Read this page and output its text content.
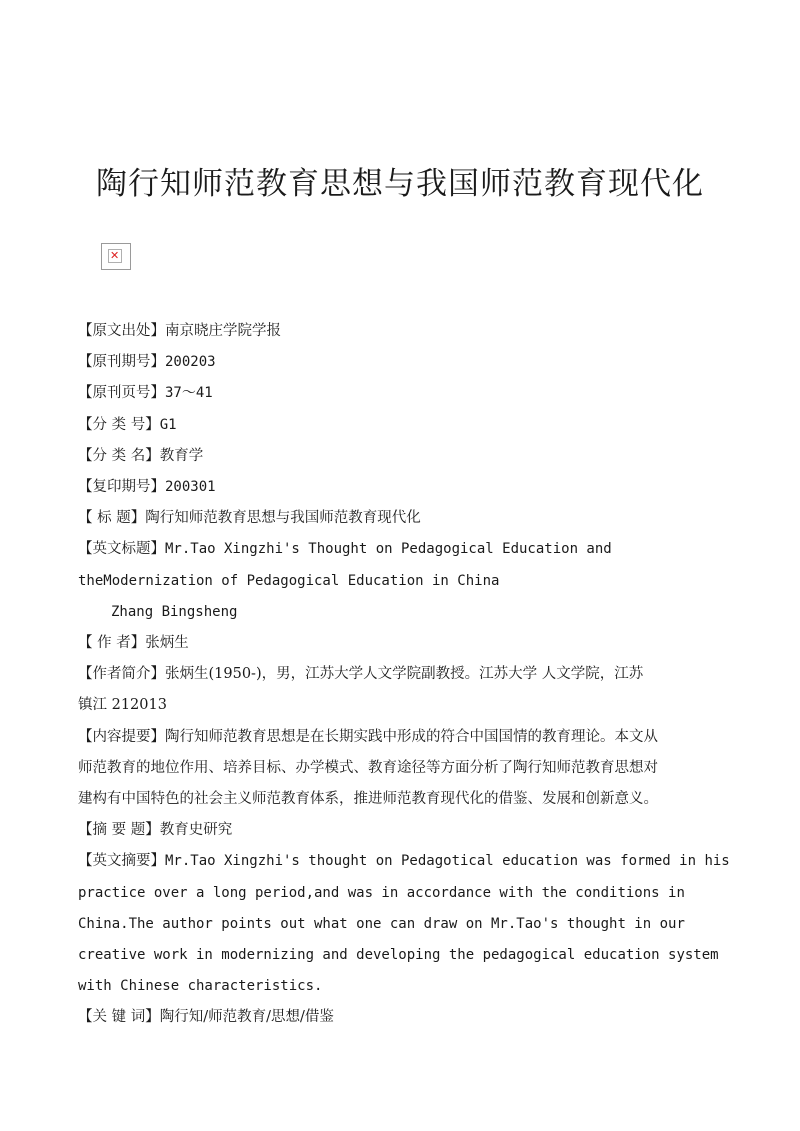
陶行知师范教育思想与我国师范教育现代化
✕
【原文出处】南京晓庄学院学报
【原刊期号】200203
【原刊页号】37～41
【分 类 号】G1
【分 类 名】教育学
【复印期号】200301
【 标 题】陶行知师范教育思想与我国师范教育现代化
【英文标题】Mr.Tao Xingzhi's Thought on Pedagogical Education and
theModernization of Pedagogical Education in China
Zhang Bingsheng
【 作 者】张炳生
【作者简介】张炳生(1950-)，男，江苏大学人文学院副教授。江苏大学 人文学院，江苏
镇江 212013
【内容提要】陶行知师范教育思想是在长期实践中形成的符合中国国情的教育理论。本文从
师范教育的地位作用、培养目标、办学模式、教育途径等方面分析了陶行知师范教育思想对
建构有中国特色的社会主义师范教育体系，推进师范教育现代化的借鉴、发展和创新意义。
【摘 要 题】教育史研究
【英文摘要】Mr.Tao Xingzhi's thought on Pedagotical education was formed in his
practice over a long period,and was in accordance with the conditions in
China.The author points out what one can draw on Mr.Tao's thought in our
creative work in modernizing and developing the pedagogical education system
with Chinese characteristics.
【关 键 词】陶行知/师范教育/思想/借鉴
